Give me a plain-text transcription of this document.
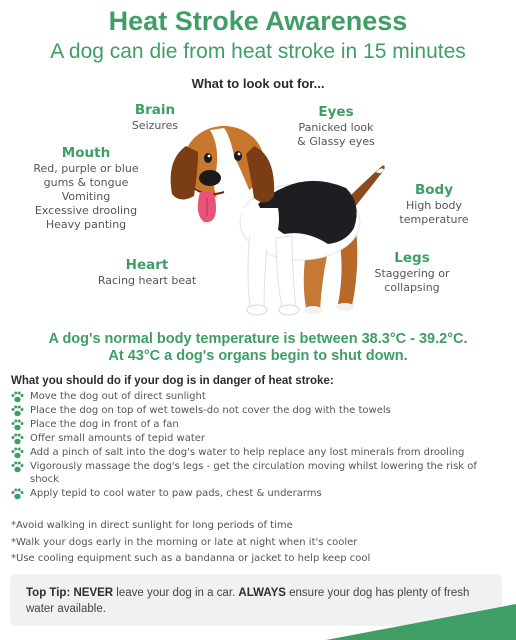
Heat Stroke Awareness
A dog can die from heat stroke in 15 minutes
What to look out for...
Brain
Seizures
Eyes
Panicked look
& Glassy eyes
Mouth
Red, purple or blue
gums & tongue
Vomiting
Excessive drooling
Heavy panting
Body
High body
temperature
Heart
Racing heart beat
Legs
Staggering or
collapsing
A dog's normal body temperature is between 38.3°C - 39.2°C.
At 43°C a dog's organs begin to shut down.
What you should do if your dog is in danger of heat stroke:
Move the dog out of direct sunlight
Place the dog on top of wet towels-do not cover the dog with the towels
Place the dog in front of a fan
Offer small amounts of tepid water
Add a pinch of salt into the dog's water to help replace any lost minerals from drooling
Vigorously massage the dog's legs - get the circulation moving whilst lowering the risk of shock
Apply tepid to cool water to paw pads, chest & underarms
*Avoid walking in direct sunlight for long periods of time
*Walk your dogs early in the morning or late at night when it's cooler
*Use cooling equipment such as a bandanna or jacket to help keep cool
Top Tip: NEVER leave your dog in a car. ALWAYS ensure your dog has plenty of fresh water available.
